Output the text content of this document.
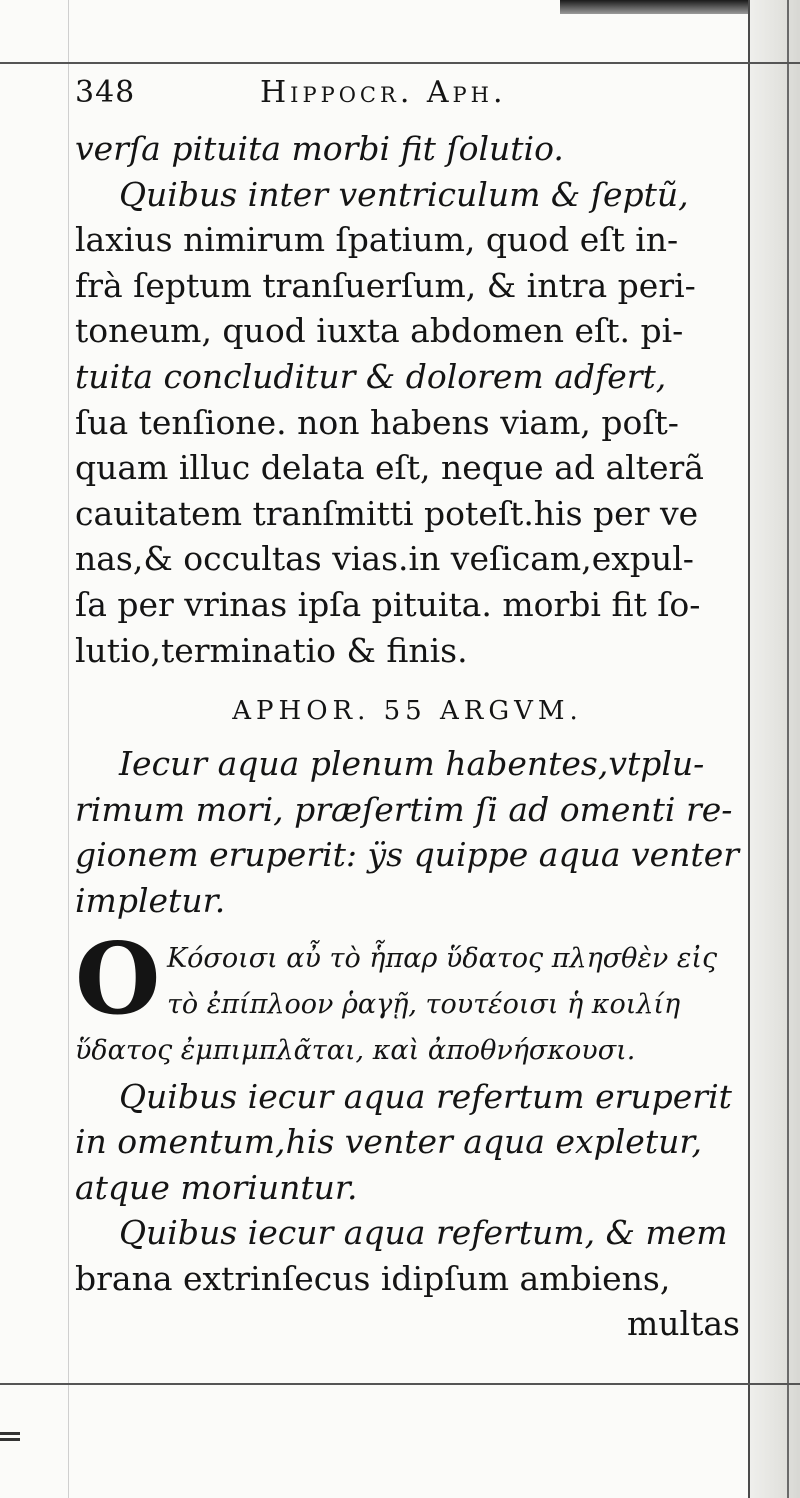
348	Hippocr. Aph.
verſa pituita morbi fit ſolutio.
Quibus inter ventriculum & ſeptũ,
laxius nimirum ſpatium, quod eſt in-
frà ſeptum tranſuerſum, & intra peri-
toneum, quod iuxta abdomen eſt. pi-
tuita concluditur & dolorem adfert,
ſua tenſione. non habens viam, poſt-
quam illuc delata eſt, neque ad alterã
cauitatem tranſmitti poteſt.his per ve
nas,& occultas vias.in veſicam,expul-
ſa per vrinas ipſa pituita. morbi fit ſo-
lutio,terminatio & finis.
APHOR. 55 ARGVM.
Iecur aqua plenum habentes,vtplu-
rimum mori, præſertim ſi ad omenti re-
gionem eruperit: ÿs quippe aqua venter
impletur.
O Κόσοισι αὖ τὸ ἧπαρ ὕδατος πλησθὲν εἰς
τὸ ἐπίπλοον ῥαγῇ, τουτέοισι ἡ κοιλίη
ὕδατος ἐμπιμπλᾶται, καὶ ἀποθνήσκουσι.
Quibus iecur aqua refertum eruperit
in omentum,his venter aqua expletur,
atque moriuntur.
Quibus iecur aqua refertum, & mem
brana extrinſecus idipſum ambiens,
multas
